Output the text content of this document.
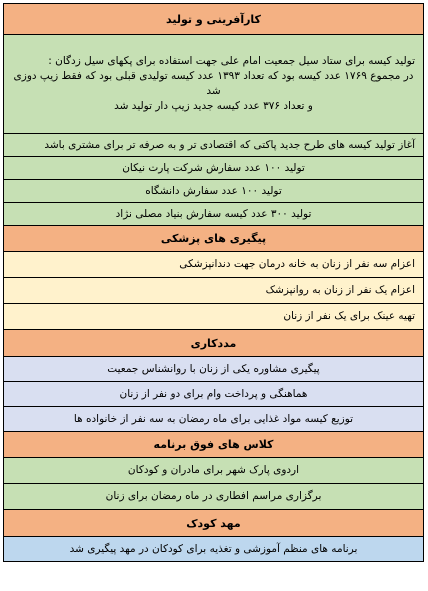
کارآفرینی و تولید

تولید کیسه برای ستاد سیل جمعیت امام علی جهت استفاده برای پکهای سیل زدگان :
در مجموع ۱۷۶۹ عدد کیسه بود که تعداد ۱۳۹۳ عدد کیسه تولیدی قبلی بود که فقط زیپ دوزی شد
و تعداد ۳۷۶ عدد کیسه جدید زیپ دار تولید شد

آغاز تولید کیسه های طرح جدید پاکتی که اقتصادی تر و به صرفه تر برای مشتری باشد
تولید ۱۰۰ عدد سفارش شرکت پارت نیکان
تولید ۱۰۰ عدد سفارش دانشگاه
تولید ۳۰۰ عدد کیسه سفارش بنیاد مصلی نژاد
پیگیری های پزشکی
اعزام سه نفر از زنان به خانه درمان جهت دندانپزشکی
اعزام یک نفر از زنان به روانپزشک
تهیه عینک برای یک نفر از زنان
مددکاری
پیگیری مشاوره یکی از زنان با روانشناس جمعیت
هماهنگی و پرداخت وام برای دو نفر از زنان
توزیع کیسه مواد غذایی برای ماه رمضان به سه نفر از خانواده ها
کلاس های فوق برنامه
اردوی پارک شهر برای مادران و کودکان
برگزاری مراسم افطاری در ماه رمضان برای زنان
مهد کودک
برنامه های منظم آموزشی و تغذیه برای کودکان در مهد پیگیری شد
